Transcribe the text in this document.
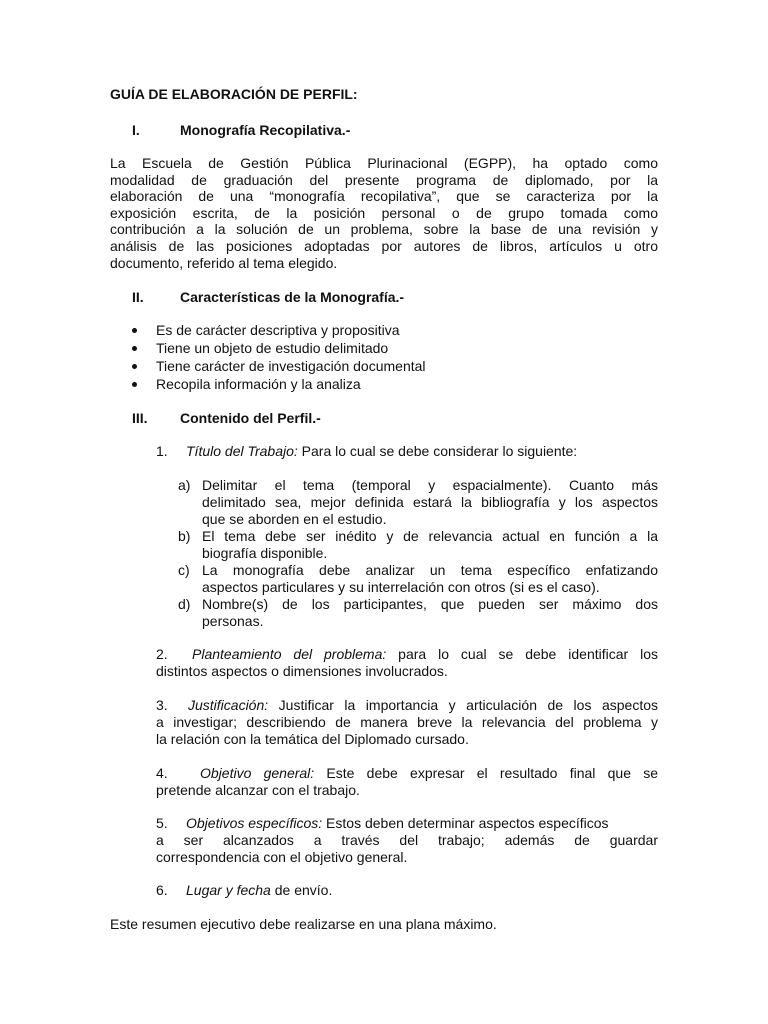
GUÍA DE ELABORACIÓN DE PERFIL:
I.	Monografía Recopilativa.-
La Escuela de Gestión Pública Plurinacional (EGPP), ha optado como
modalidad de graduación del presente programa de diplomado, por la
elaboración de una “monografía recopilativa”, que se caracteriza por la
exposición escrita, de la posición personal o de grupo tomada como
contribución a la solución de un problema, sobre la base de una revisión y
análisis de las posiciones adoptadas por autores de libros, artículos u otro
documento, referido al tema elegido.
II.	Características de la Monografía.-
Es de carácter descriptiva y propositiva
Tiene un objeto de estudio delimitado
Tiene carácter de investigación documental
Recopila información y la analiza
III. Contenido del Perfil.-
1. Título del Trabajo: Para lo cual se debe considerar lo siguiente:
a) Delimitar el tema (temporal y espacialmente). Cuanto más
delimitado sea, mejor definida estará la bibliografía y los aspectos
que se aborden en el estudio.
b) El tema debe ser inédito y de relevancia actual en función a la
biografía disponible.
c) La monografía debe analizar un tema específico enfatizando
aspectos particulares y su interrelación con otros (si es el caso).
d) Nombre(s) de los participantes, que pueden ser máximo dos
personas.
2. Planteamiento del problema: para lo cual se debe identificar los
distintos aspectos o dimensiones involucrados.
3. Justificación: Justificar la importancia y articulación de los aspectos
a investigar; describiendo de manera breve la relevancia del problema y
la relación con la temática del Diplomado cursado.
4. Objetivo general: Este debe expresar el resultado final que se
pretende alcanzar con el trabajo.
5. Objetivos específicos: Estos deben determinar aspectos específicos
a ser alcanzados a través del trabajo; además de guardar
correspondencia con el objetivo general.
6. Lugar y fecha de envío.
Este resumen ejecutivo debe realizarse en una plana máximo.
